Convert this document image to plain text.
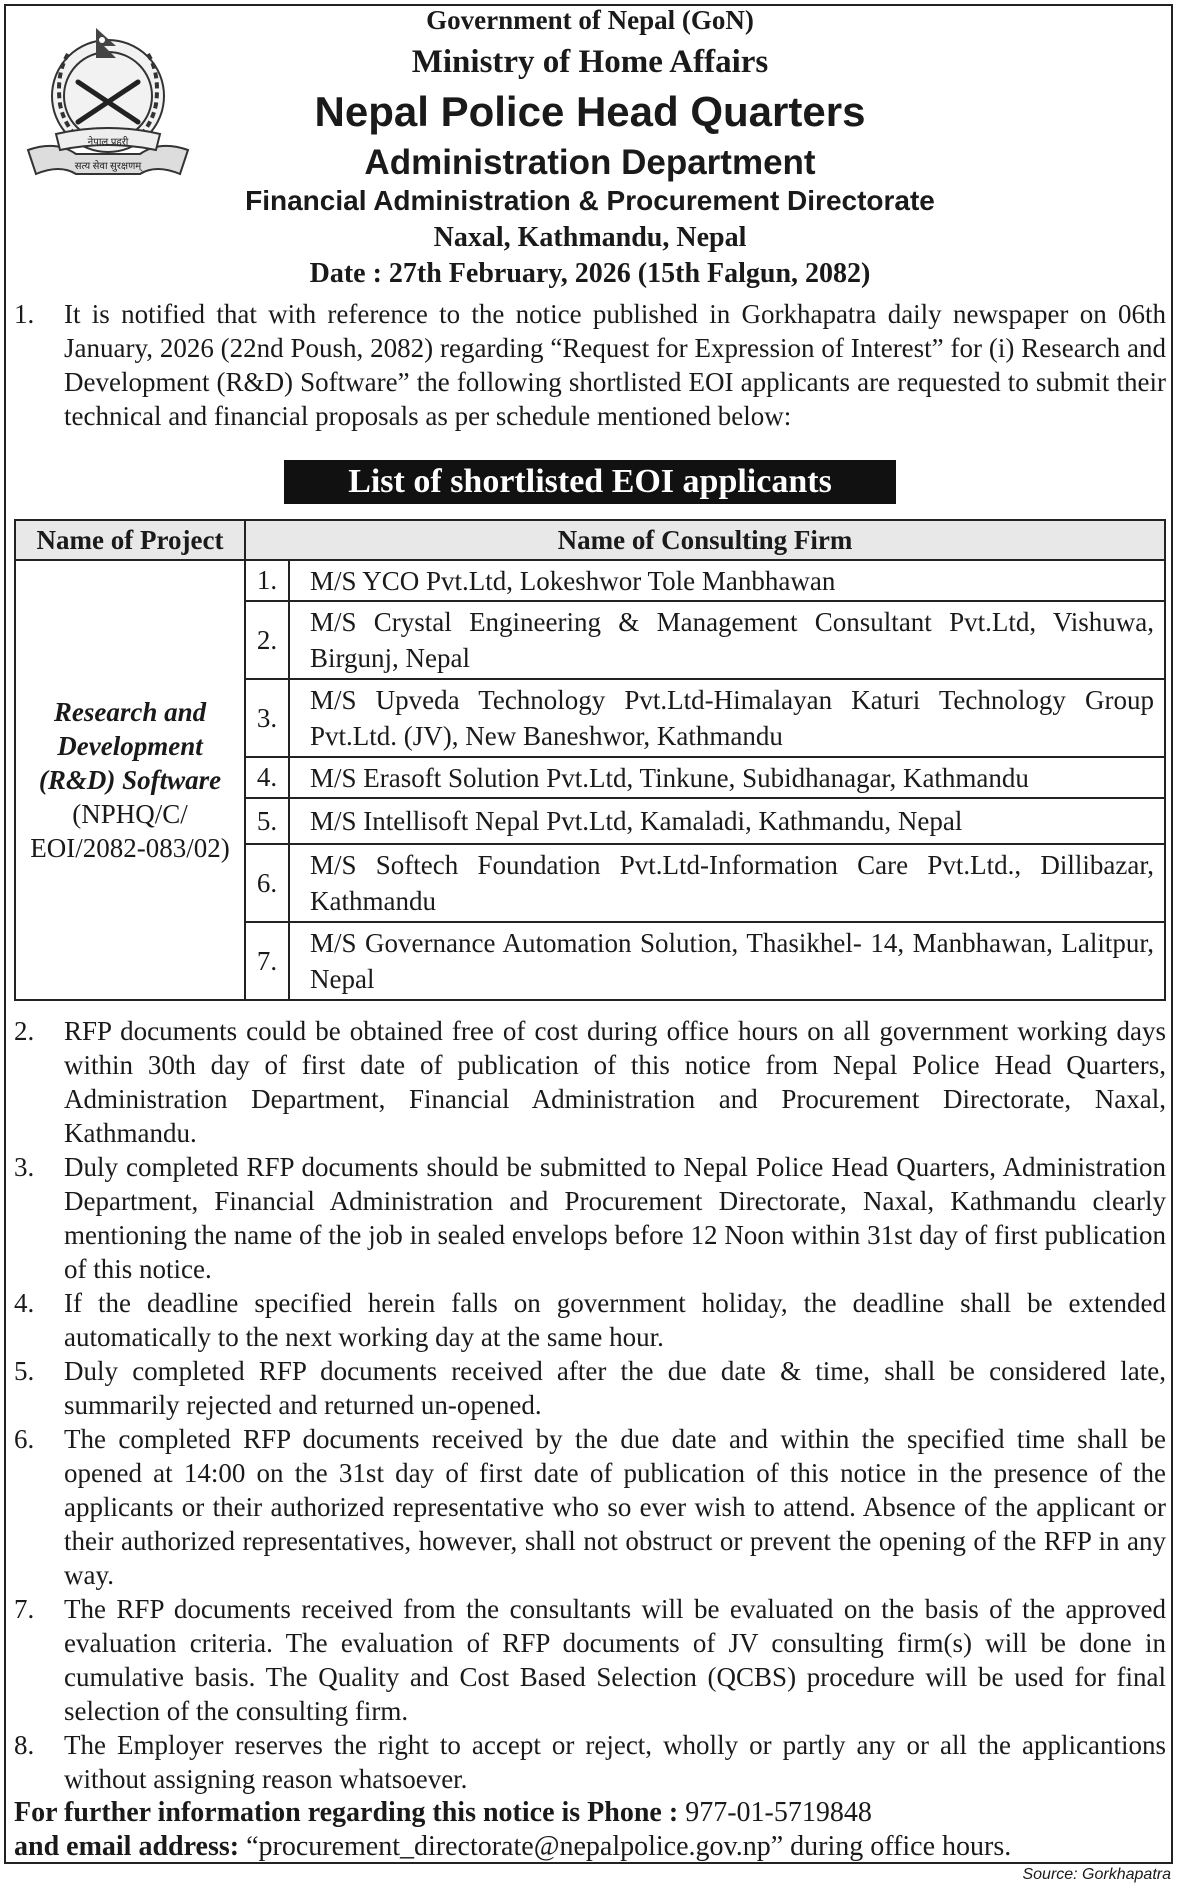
नेपाल प्रहरी
सत्य सेवा सुरक्षणम्
Government of Nepal (GoN)
Ministry of Home Affairs
Nepal Police Head Quarters
Administration Department
Financial Administration & Procurement Directorate
Naxal, Kathmandu, Nepal
Date : 27th February, 2026 (15th Falgun, 2082)
1.	It is notified that with reference to the notice published in Gorkhapatra daily newspaper on 06th January, 2026 (22nd Poush, 2082) regarding “Request for Expression of Interest” for (i) Research and Development (R&D) Software” the following shortlisted EOI applicants are requested to submit their technical and financial proposals as per schedule mentioned below:
List of shortlisted EOI applicants
Name of Project	Name of Consulting Firm	

Research and Development (R&D) Software
(NPHQ/C/ EOI/2082-083/02)	1.	M/S YCO Pvt.Ltd, Lokeshwor Tole Manbhawan
	2.	M/S Crystal Engineering & Management Consultant Pvt.Ltd, Vishuwa, Birgunj, Nepal
	3.	M/S Upveda Technology Pvt.Ltd-Himalayan Katuri Technology Group Pvt.Ltd. (JV), New Baneshwor, Kathmandu
	4.	M/S Erasoft Solution Pvt.Ltd, Tinkune, Subidhanagar, Kathmandu
	5.	M/S Intellisoft Nepal Pvt.Ltd, Kamaladi, Kathmandu, Nepal
	6.	M/S Softech Foundation Pvt.Ltd-Information Care Pvt.Ltd., Dillibazar, Kathmandu
	7.	M/S Governance Automation Solution, Thasikhel- 14, Manbhawan, Lalitpur, Nepal
2.	RFP documents could be obtained free of cost during office hours on all government working days within 30th day of first date of publication of this notice from Nepal Police Head Quarters, Administration Department, Financial Administration and Procurement Directorate, Naxal, Kathmandu.
3.	Duly completed RFP documents should be submitted to Nepal Police Head Quarters, Administration Department, Financial Administration and Procurement Directorate, Naxal, Kathmandu clearly mentioning the name of the job in sealed envelops before 12 Noon within 31st day of first publication of this notice.
4.	If the deadline specified herein falls on government holiday, the deadline shall be extended automatically to the next working day at the same hour.
5.	Duly completed RFP documents received after the due date & time, shall be considered late, summarily rejected and returned un-opened.
6.	The completed RFP documents received by the due date and within the specified time shall be opened at 14:00 on the 31st day of first date of publication of this notice in the presence of the applicants or their authorized representative who so ever wish to attend. Absence of the applicant or their authorized representatives, however, shall not obstruct or prevent the opening of the RFP in any way.
7.	The RFP documents received from the consultants will be evaluated on the basis of the approved evaluation criteria. The evaluation of RFP documents of JV consulting firm(s) will be done in cumulative basis. The Quality and Cost Based Selection (QCBS) procedure will be used for final selection of the consulting firm.
8.	The Employer reserves the right to accept or reject, wholly or partly any or all the applicantions without assigning reason whatsoever.
For further information regarding this notice is Phone : 977-01-5719848
and email address: “procurement_directorate@nepalpolice.gov.np” during office hours.
Source: Gorkhapatra
